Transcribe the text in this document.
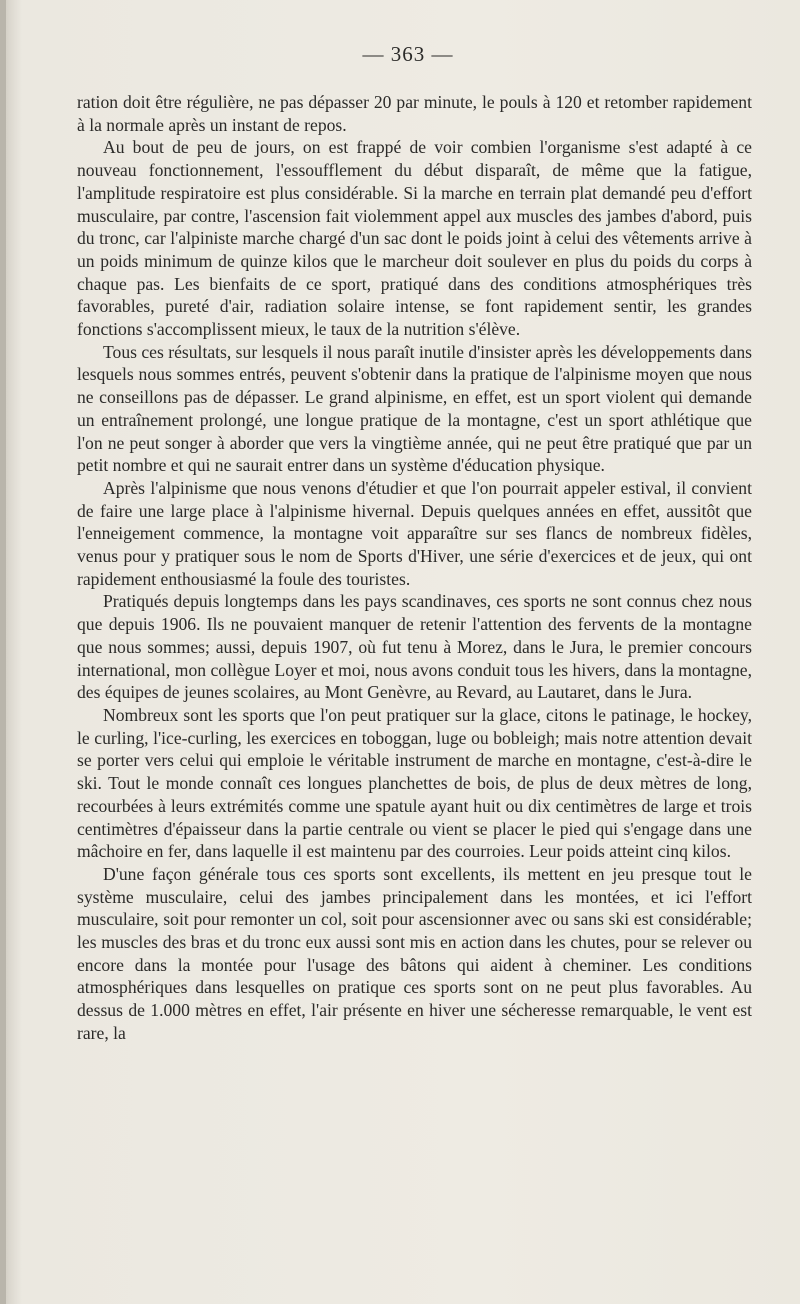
— 363 —

ration doit être régulière, ne pas dépasser 20 par minute, le pouls à 120 et retomber rapidement à la normale après un instant de repos.

Au bout de peu de jours, on est frappé de voir combien l'organisme s'est adapté à ce nouveau fonctionnement, l'essoufflement du début disparaît, de même que la fatigue, l'amplitude respiratoire est plus considérable. Si la marche en terrain plat demandé peu d'effort musculaire, par contre, l'ascension fait violemment appel aux muscles des jambes d'abord, puis du tronc, car l'alpiniste marche chargé d'un sac dont le poids joint à celui des vêtements arrive à un poids minimum de quinze kilos que le marcheur doit soulever en plus du poids du corps à chaque pas. Les bienfaits de ce sport, pratiqué dans des conditions atmosphériques très favorables, pureté d'air, radiation solaire intense, se font rapidement sentir, les grandes fonctions s'accomplissent mieux, le taux de la nutrition s'élève.

Tous ces résultats, sur lesquels il nous paraît inutile d'insister après les développements dans lesquels nous sommes entrés, peuvent s'obtenir dans la pratique de l'alpinisme moyen que nous ne conseillons pas de dépasser. Le grand alpinisme, en effet, est un sport violent qui demande un entraînement prolongé, une longue pratique de la montagne, c'est un sport athlétique que l'on ne peut songer à aborder que vers la vingtième année, qui ne peut être pratiqué que par un petit nombre et qui ne saurait entrer dans un système d'éducation physique.

Après l'alpinisme que nous venons d'étudier et que l'on pourrait appeler estival, il convient de faire une large place à l'alpinisme hivernal. Depuis quelques années en effet, aussitôt que l'enneigement commence, la montagne voit apparaître sur ses flancs de nombreux fidèles, venus pour y pratiquer sous le nom de Sports d'Hiver, une série d'exercices et de jeux, qui ont rapidement enthousiasmé la foule des touristes.

Pratiqués depuis longtemps dans les pays scandinaves, ces sports ne sont connus chez nous que depuis 1906. Ils ne pouvaient manquer de retenir l'attention des fervents de la montagne que nous sommes; aussi, depuis 1907, où fut tenu à Morez, dans le Jura, le premier concours international, mon collègue Loyer et moi, nous avons conduit tous les hivers, dans la montagne, des équipes de jeunes scolaires, au Mont Genèvre, au Revard, au Lautaret, dans le Jura.

Nombreux sont les sports que l'on peut pratiquer sur la glace, citons le patinage, le hockey, le curling, l'ice-curling, les exercices en toboggan, luge ou bobleigh; mais notre attention devait se porter vers celui qui emploie le véritable instrument de marche en montagne, c'est-à-dire le ski. Tout le monde connaît ces longues planchettes de bois, de plus de deux mètres de long, recourbées à leurs extrémités comme une spatule ayant huit ou dix centimètres de large et trois centimètres d'épaisseur dans la partie centrale ou vient se placer le pied qui s'engage dans une mâchoire en fer, dans laquelle il est maintenu par des courroies. Leur poids atteint cinq kilos.

D'une façon générale tous ces sports sont excellents, ils mettent en jeu presque tout le système musculaire, celui des jambes principalement dans les montées, et ici l'effort musculaire, soit pour remonter un col, soit pour ascensionner avec ou sans ski est considérable; les muscles des bras et du tronc eux aussi sont mis en action dans les chutes, pour se relever ou encore dans la montée pour l'usage des bâtons qui aident à cheminer. Les conditions atmosphériques dans lesquelles on pratique ces sports sont on ne peut plus favorables. Au dessus de 1.000 mètres en effet, l'air présente en hiver une sécheresse remarquable, le vent est rare, la
